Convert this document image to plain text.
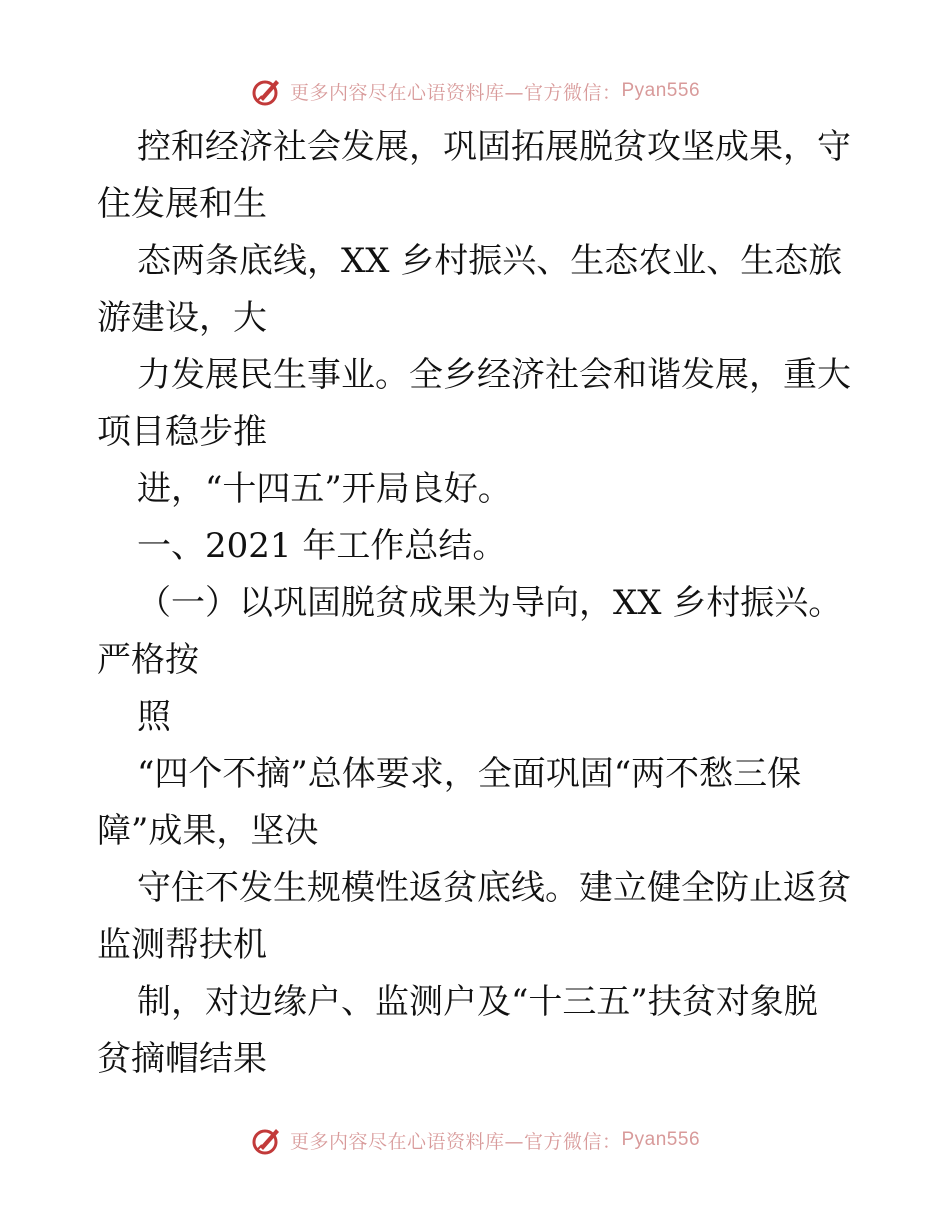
更多内容尽在心语资料库—官方微信： Pyan556
控和经济社会发展，巩固拓展脱贫攻坚成果，守
住发展和生
态两条底线，XX 乡村振兴、生态农业、生态旅
游建设，大
力发展民生事业。全乡经济社会和谐发展，重大
项目稳步推
进，“十四五”开局良好。
一、2021 年工作总结。
（一）以巩固脱贫成果为导向，XX 乡村振兴。
严格按
照
“四个不摘”总体要求，全面巩固“两不愁三保
障”成果，坚决
守住不发生规模性返贫底线。建立健全防止返贫
监测帮扶机
制，对边缘户、监测户及“十三五”扶贫对象脱
贫摘帽结果
更多内容尽在心语资料库—官方微信： Pyan556
